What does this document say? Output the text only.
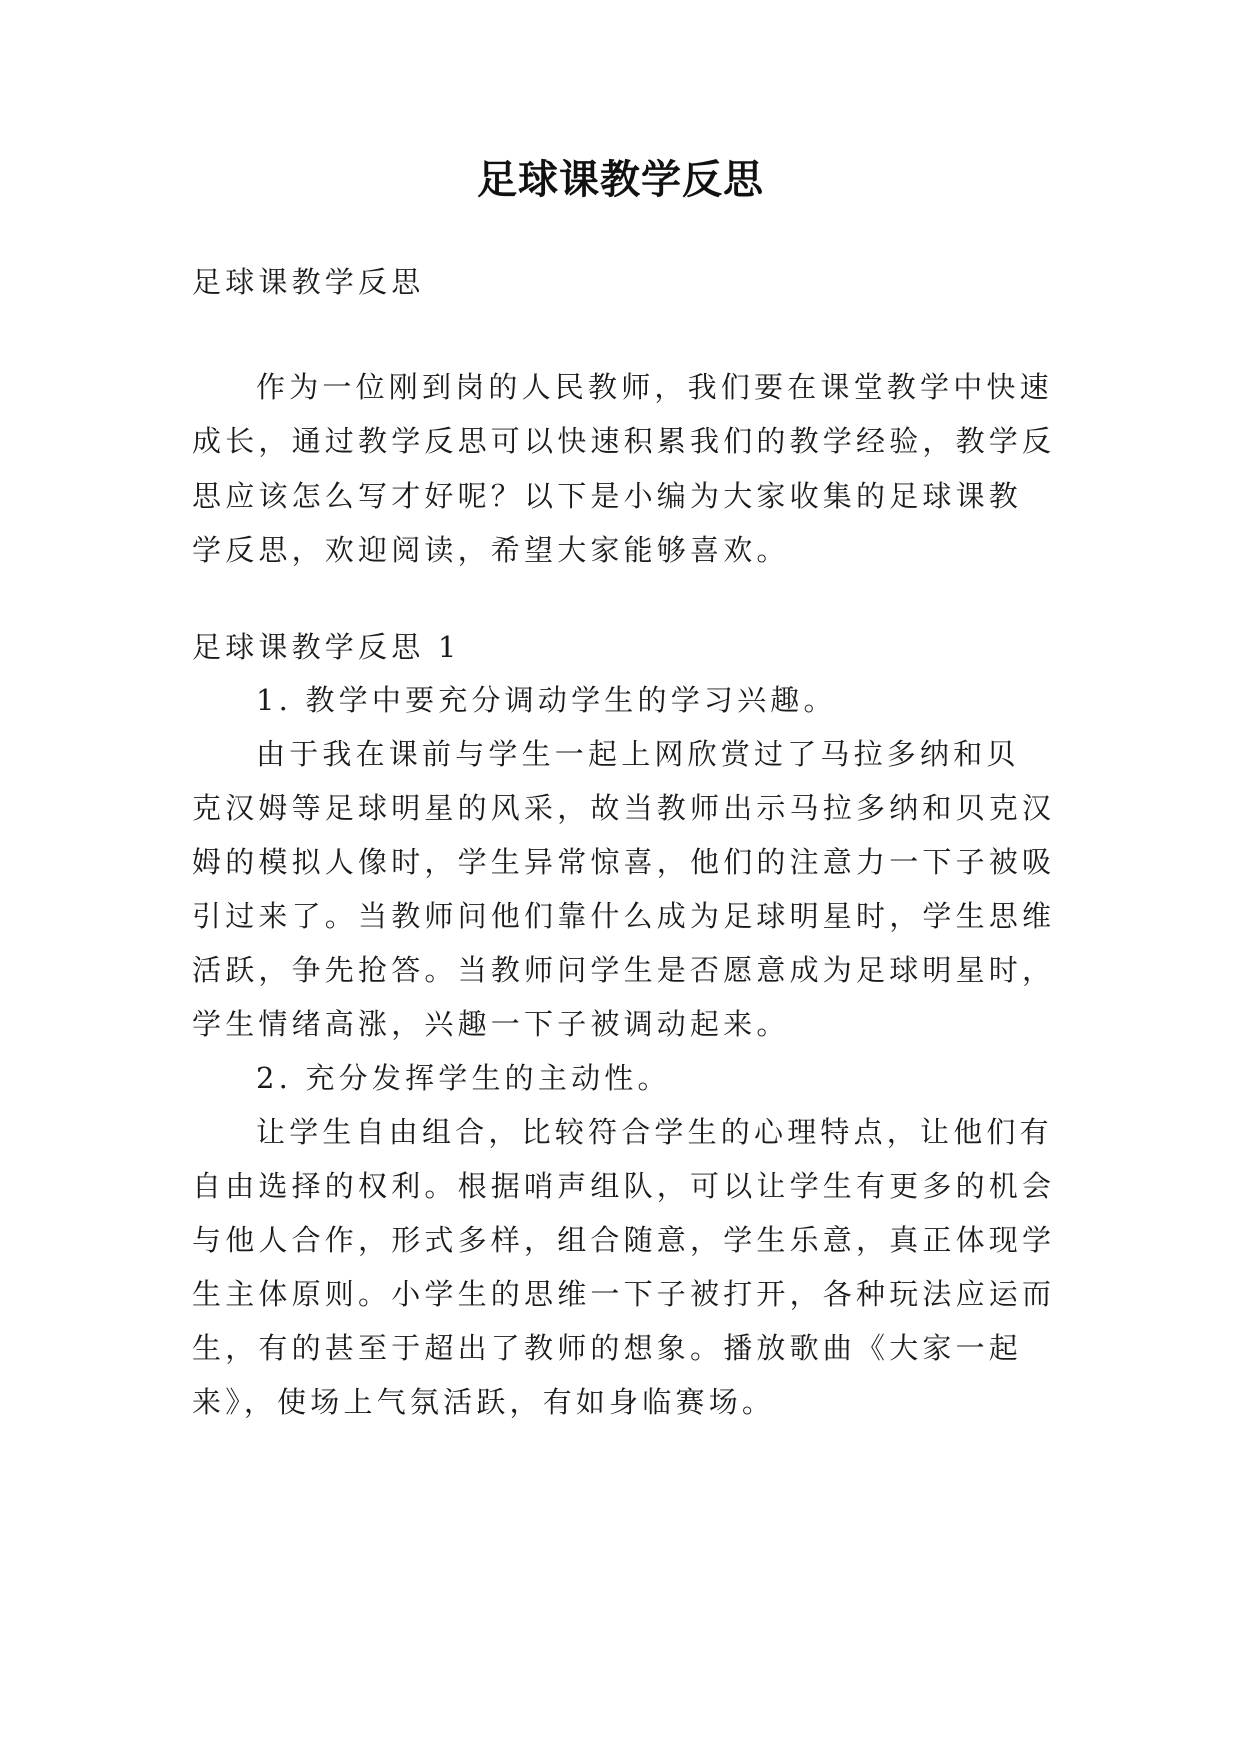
足球课教学反思
足球课教学反思
作为一位刚到岗的人民教师，我们要在课堂教学中快速
成长，通过教学反思可以快速积累我们的教学经验，教学反
思应该怎么写才好呢？以下是小编为大家收集的足球课教
学反思，欢迎阅读，希望大家能够喜欢。
足球课教学反思 1
1. 教学中要充分调动学生的学习兴趣。
由于我在课前与学生一起上网欣赏过了马拉多纳和贝
克汉姆等足球明星的风采，故当教师出示马拉多纳和贝克汉
姆的模拟人像时，学生异常惊喜，他们的注意力一下子被吸
引过来了。当教师问他们靠什么成为足球明星时，学生思维
活跃，争先抢答。当教师问学生是否愿意成为足球明星时，
学生情绪高涨，兴趣一下子被调动起来。
2. 充分发挥学生的主动性。
让学生自由组合，比较符合学生的心理特点，让他们有
自由选择的权利。根据哨声组队，可以让学生有更多的机会
与他人合作，形式多样，组合随意，学生乐意，真正体现学
生主体原则。小学生的思维一下子被打开，各种玩法应运而
生，有的甚至于超出了教师的想象。播放歌曲《大家一起
来》，使场上气氛活跃，有如身临赛场。
